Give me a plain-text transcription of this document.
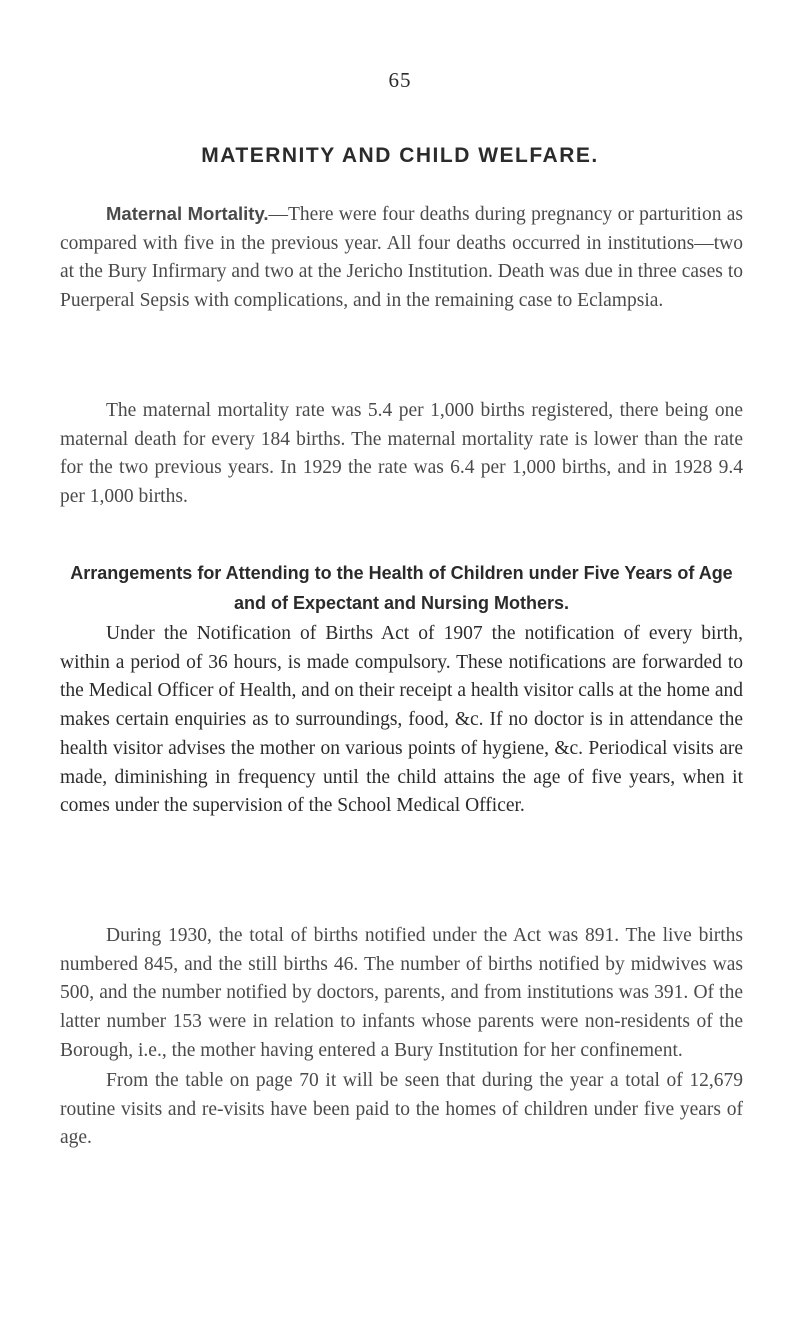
65
MATERNITY AND CHILD WELFARE.

Maternal Mortality.—There were four deaths during pregnancy or parturition as compared with five in the previous year. All four deaths occurred in institutions—two at the Bury Infirmary and two at the Jericho Institution. Death was due in three cases to Puerperal Sepsis with complications, and in the remaining case to Eclampsia.

The maternal mortality rate was 5.4 per 1,000 births registered, there being one maternal death for every 184 births. The maternal mortality rate is lower than the rate for the two previous years. In 1929 the rate was 6.4 per 1,000 births, and in 1928 9.4 per 1,000 births.

Arrangements for Attending to the Health of Children under Five Years of Age and of Expectant and Nursing Mothers.

Under the Notification of Births Act of 1907 the notification of every birth, within a period of 36 hours, is made compulsory. These notifications are forwarded to the Medical Officer of Health, and on their receipt a health visitor calls at the home and makes certain enquiries as to surroundings, food, &c. If no doctor is in attendance the health visitor advises the mother on various points of hygiene, &c. Periodical visits are made, diminishing in frequency until the child attains the age of five years, when it comes under the supervision of the School Medical Officer.

During 1930, the total of births notified under the Act was 891. The live births numbered 845, and the still births 46. The number of births notified by midwives was 500, and the number notified by doctors, parents, and from institutions was 391. Of the latter number 153 were in relation to infants whose parents were non-residents of the Borough, i.e., the mother having entered a Bury Institution for her confinement.

From the table on page 70 it will be seen that during the year a total of 12,679 routine visits and re-visits have been paid to the homes of children under five years of age.
